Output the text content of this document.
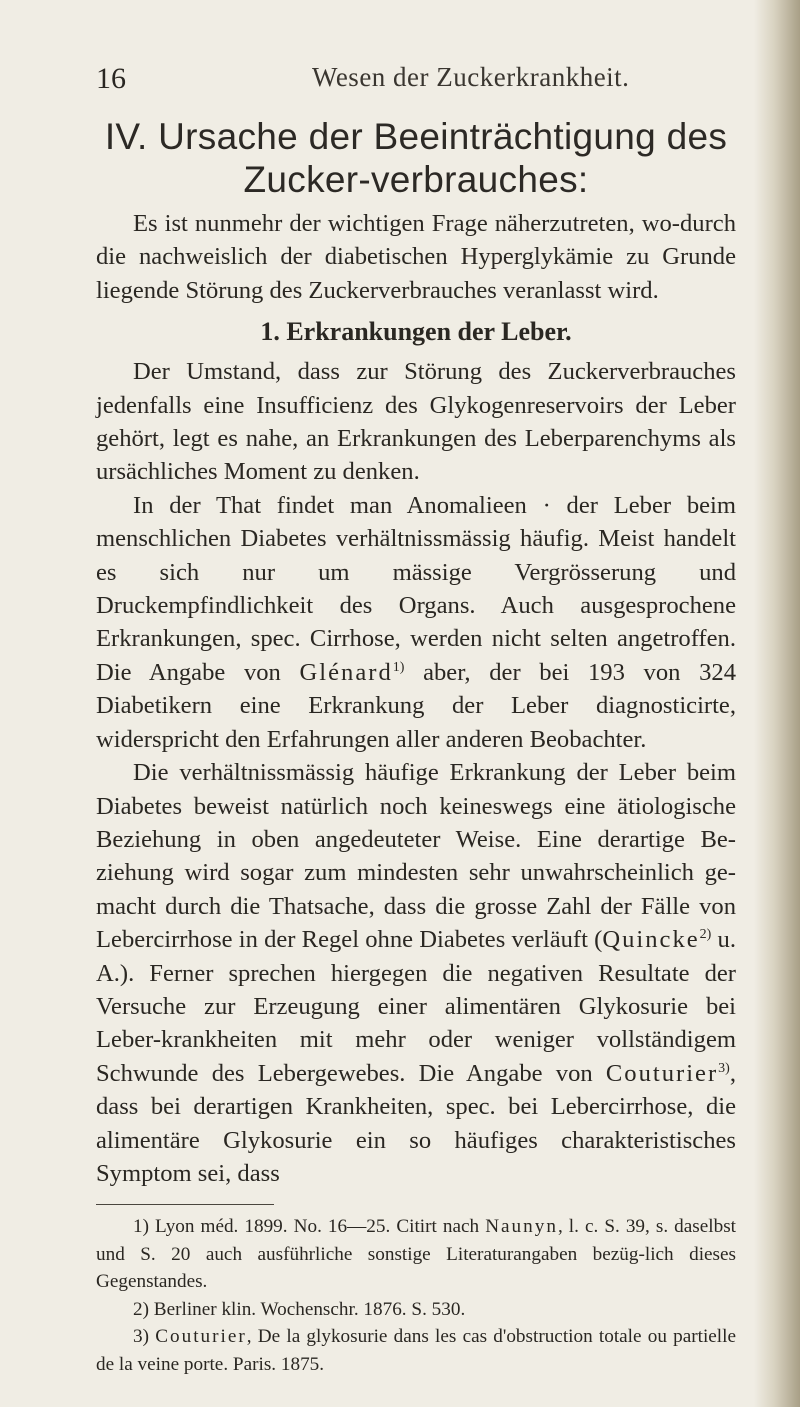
16	Wesen der Zuckerkrankheit.
IV. Ursache der Beeinträchtigung des Zucker-verbrauches:

Es ist nunmehr der wichtigen Frage näherzutreten, wo-durch die nachweislich der diabetischen Hyperglykämie zu Grunde liegende Störung des Zuckerverbrauches veranlasst wird.

1. Erkrankungen der Leber.

Der Umstand, dass zur Störung des Zuckerverbrauches jedenfalls eine Insufficienz des Glykogenreservoirs der Leber gehört, legt es nahe, an Erkrankungen des Leberparenchyms als ursächliches Moment zu denken.

In der That findet man Anomalieen · der Leber beim menschlichen Diabetes verhältnissmässig häufig. Meist handelt es sich nur um mässige Vergrösserung und Druckempfindlichkeit des Organs. Auch ausgesprochene Erkrankungen, spec. Cirrhose, werden nicht selten angetroffen. Die Angabe von Glénard$^{1)}$ aber, der bei 193 von 324 Diabetikern eine Erkrankung der Leber diagnosticirte, widerspricht den Erfahrungen aller anderen Beobachter.

Die verhältnissmässig häufige Erkrankung der Leber beim Diabetes beweist natürlich noch keineswegs eine ätiologische Beziehung in oben angedeuteter Weise. Eine derartige Be-ziehung wird sogar zum mindesten sehr unwahrscheinlich ge-macht durch die Thatsache, dass die grosse Zahl der Fälle von Lebercirrhose in der Regel ohne Diabetes verläuft (Quincke$^{2)}$ u. A.). Ferner sprechen hiergegen die negativen Resultate der Versuche zur Erzeugung einer alimentären Glykosurie bei Leber-krankheiten mit mehr oder weniger vollständigem Schwunde des Lebergewebes. Die Angabe von Couturier$^{3)}$, dass bei derartigen Krankheiten, spec. bei Lebercirrhose, die alimentäre Glykosurie ein so häufiges charakteristisches Symptom sei, dass

1) Lyon méd. 1899. No. 16—25. Citirt nach Naunyn, l. c. S. 39, s. daselbst und S. 20 auch ausführliche sonstige Literaturangaben bezüg-lich dieses Gegenstandes.

2) Berliner klin. Wochenschr. 1876. S. 530.

3) Couturier, De la glykosurie dans les cas d'obstruction totale ou partielle de la veine porte. Paris. 1875.
